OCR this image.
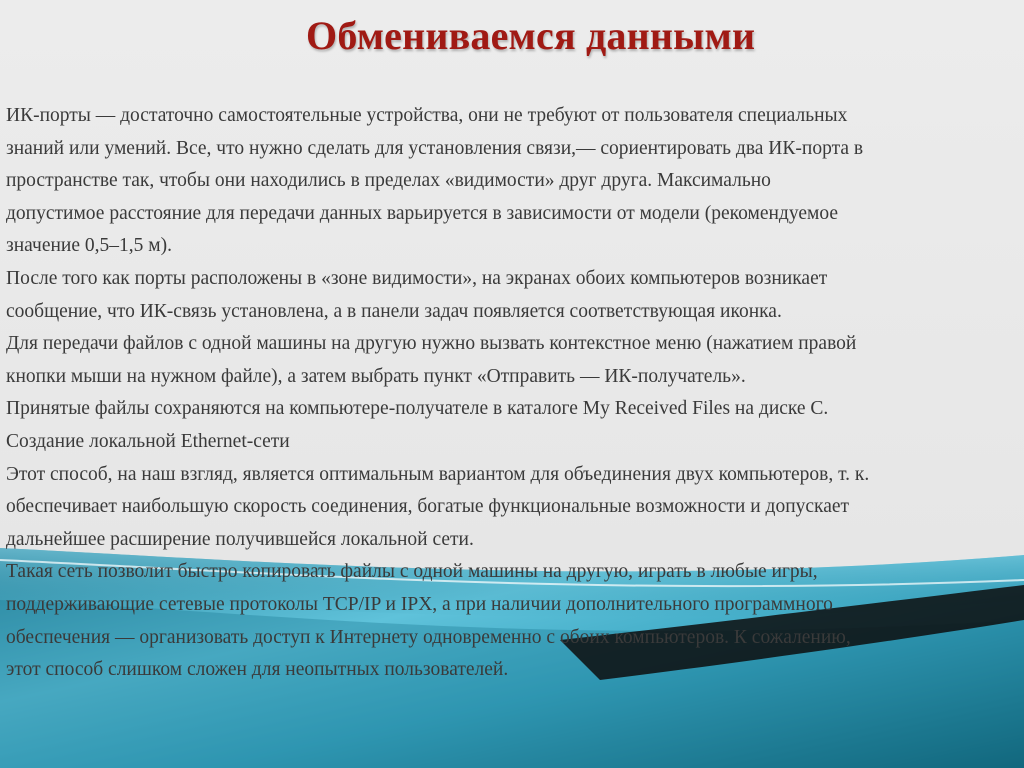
Обмениваемся данными

ИК-порты — достаточно самостоятельные устройства, они не требуют от пользователя специальных

знаний или умений. Все, что нужно сделать для установления связи,— сориентировать два ИК-порта в

пространстве так, чтобы они находились в пределах «видимости» друг друга. Максимально

допустимое расстояние для передачи данных варьируется в зависимости от модели (рекомендуемое

значение 0,5–1,5 м).

После того как порты расположены в «зоне видимости», на экранах обоих компьютеров возникает

сообщение, что ИК-связь установлена, а в панели задач появляется соответствующая иконка.

Для передачи файлов с одной машины на другую нужно вызвать контекстное меню (нажатием правой

кнопки мыши на нужном файле), а затем выбрать пункт «Отправить — ИК-получатель».

Принятые файлы сохраняются на компьютере-получателе в каталоге My Received Files на диске C.

Создание локальной Ethernet-сети

Этот способ, на наш взгляд, является оптимальным вариантом для объединения двух компьютеров, т. к.

обеспечивает наибольшую скорость соединения, богатые функциональные возможности и допускает

дальнейшее расширение получившейся локальной сети.

Такая сеть позволит быстро копировать файлы с одной машины на другую, играть в любые игры,

поддерживающие сетевые протоколы TCP/IP и IPX, а при наличии дополнительного программного

обеспечения — организовать доступ к Интернету одновременно с обоих компьютеров. К сожалению,

этот способ слишком сложен для неопытных пользователей.
